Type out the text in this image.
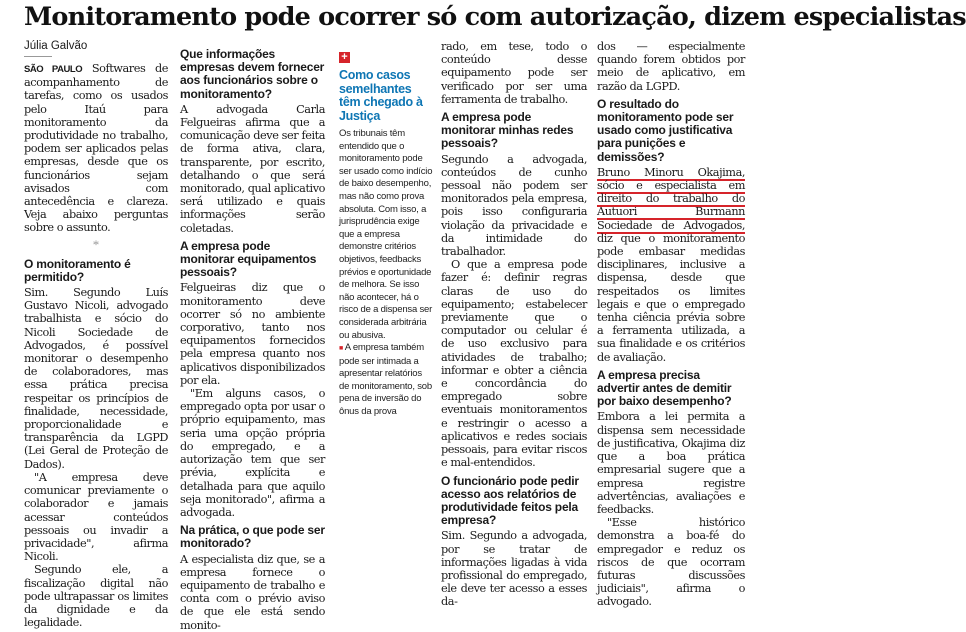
Monitoramento pode ocorrer só com autorização, dizem especialistas

Júlia Galvão

SÃO PAULO Softwares de acompanhamento de tarefas, como os usados pelo Itaú para monitoramento da produtividade no trabalho, podem ser aplicados pelas empresas, desde que os funcionários sejam avisados com antecedência e clareza. Veja abaixo perguntas sobre o assunto.

*

O monitoramento é permitido?

Sim. Segundo Luís Gustavo Nicoli, advogado trabalhista e sócio do Nicoli Sociedade de Advogados, é possível monitorar o desempenho de colaboradores, mas essa prática precisa respeitar os princípios de finalidade, necessidade, proporcionalidade e transparência da LGPD (Lei Geral de Proteção de Dados).

"A empresa deve comunicar previamente o colaborador e jamais acessar conteúdos pessoais ou invadir a privacidade", afirma Nicoli.

Segundo ele, a fiscalização digital não pode ultrapassar os limites da dignidade e da legalidade.

Que informações empresas devem fornecer aos funcionários sobre o monitoramento?

A advogada Carla Felgueiras afirma que a comunicação deve ser feita de forma ativa, clara, transparente, por escrito, detalhando o que será monitorado, qual aplicativo será utilizado e quais informações serão coletadas.

A empresa pode monitorar equipamentos pessoais?

Felgueiras diz que o monitoramento deve ocorrer só no ambiente corporativo, tanto nos equipamentos fornecidos pela empresa quanto nos aplicativos disponibilizados por ela.

"Em alguns casos, o empregado opta por usar o próprio equipamento, mas seria uma opção própria do empregado, e a autorização tem que ser prévia, explícita e detalhada para que aquilo seja monitorado", afirma a advogada.

Na prática, o que pode ser monitorado?

A especialista diz que, se a empresa fornece o equipamento de trabalho e conta com o prévio aviso de que ele está sendo monito-

+

Como casos semelhantes têm chegado à Justiça

Os tribunais têm entendido que o monitoramento pode ser usado como indício de baixo desempenho, mas não como prova absoluta. Com isso, a jurisprudência exige que a empresa demonstre critérios objetivos, feedbacks prévios e oportunidade de melhora. Se isso não acontecer, há o risco de a dispensa ser considerada arbitrária ou abusiva.

■ A empresa também pode ser intimada a apresentar relatórios de monitoramento, sob pena de inversão do ônus da prova

rado, em tese, todo o conteúdo desse equipamento pode ser verificado por ser uma ferramenta de trabalho.

A empresa pode monitorar minhas redes pessoais?

Segundo a advogada, conteúdos de cunho pessoal não podem ser monitorados pela empresa, pois isso configuraria violação da privacidade e da intimidade do trabalhador.

O que a empresa pode fazer é: definir regras claras de uso do equipamento; estabelecer previamente que o computador ou celular é de uso exclusivo para atividades de trabalho; informar e obter a ciência e concordância do empregado sobre eventuais monitoramentos e restringir o acesso a aplicativos e redes sociais pessoais, para evitar riscos e mal-entendidos.

O funcionário pode pedir acesso aos relatórios de produtividade feitos pela empresa?

Sim. Segundo a advogada, por se tratar de informações ligadas à vida profissional do empregado, ele deve ter acesso a esses da-

dos — especialmente quando forem obtidos por meio de aplicativo, em razão da LGPD.

O resultado do monitoramento pode ser usado como justificativa para punições e demissões?

Bruno Minoru Okajima, sócio e especialista em direito do trabalho do Autuori Burmann Sociedade de Advogados, diz que o monitoramento pode embasar medidas disciplinares, inclusive a dispensa, desde que respeitados os limites legais e que o empregado tenha ciência prévia sobre a ferramenta utilizada, a sua finalidade e os critérios de avaliação.

A empresa precisa advertir antes de demitir por baixo desempenho?

Embora a lei permita a dispensa sem necessidade de justificativa, Okajima diz que a boa prática empresarial sugere que a empresa registre advertências, avaliações e feedbacks.

"Esse histórico demonstra a boa-fé do empregador e reduz os riscos de que ocorram futuras discussões judiciais", afirma o advogado.
